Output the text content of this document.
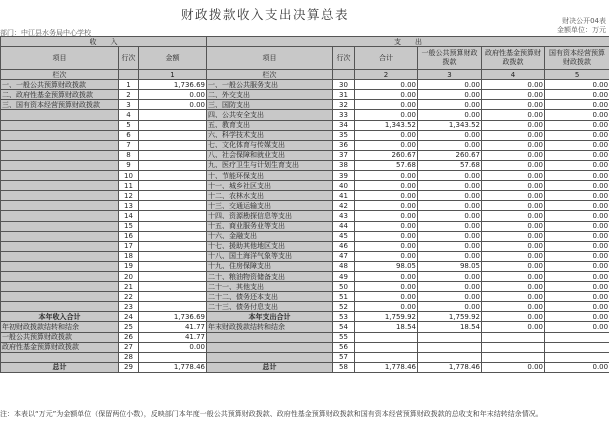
财政拨款收入支出决算总表	财决公开04表
金额单位：万元
部门：中江县水务局中心学校
收　　入			支　　出					
项目	行次	金额	项目	行次	合计	一般公共预算财政拨款	政府性基金预算财政拨款	国有资本经营预算财政拨款
栏次		1	栏次		2	3	4	5
一、一般公共预算财政拨款	1	1,736.69	一、一般公共服务支出	30	0.00	0.00	0.00	0.00
二、政府性基金预算财政拨款	2	0.00	二、外交支出	31	0.00	0.00	0.00	0.00
三、国有资本经营预算财政拨款	3	0.00	三、国防支出	32	0.00	0.00	0.00	0.00
	4		四、公共安全支出	33	0.00	0.00	0.00	0.00
	5		五、教育支出	34	1,343.52	1,343.52	0.00	0.00
	6		六、科学技术支出	35	0.00	0.00	0.00	0.00
	7		七、文化体育与传媒支出	36	0.00	0.00	0.00	0.00
	8		八、社会保障和就业支出	37	260.67	260.67	0.00	0.00
	9		九、医疗卫生与计划生育支出	38	57.68	57.68	0.00	0.00
	10		十、节能环保支出	39	0.00	0.00	0.00	0.00
	11		十一、城乡社区支出	40	0.00	0.00	0.00	0.00
	12		十二、农林水支出	41	0.00	0.00	0.00	0.00
	13		十三、交通运输支出	42	0.00	0.00	0.00	0.00
	14		十四、资源勘探信息等支出	43	0.00	0.00	0.00	0.00
	15		十五、商业服务业等支出	44	0.00	0.00	0.00	0.00
	16		十六、金融支出	45	0.00	0.00	0.00	0.00
	17		十七、援助其他地区支出	46	0.00	0.00	0.00	0.00
	18		十八、国土海洋气象等支出	47	0.00	0.00	0.00	0.00
	19		十九、住房保障支出	48	98.05	98.05	0.00	0.00
	20		二十、粮油物资储备支出	49	0.00	0.00	0.00	0.00
	21		二十一、其他支出	50	0.00	0.00	0.00	0.00
	22		二十二、债务还本支出	51	0.00	0.00	0.00	0.00
	23		二十三、债务付息支出	52	0.00	0.00	0.00	0.00
本年收入合计	24	1,736.69	本年支出合计	53	1,759.92	1,759.92	0.00	0.00
年初财政拨款结转和结余	25	41.77	年末财政拨款结转和结余	54	18.54	18.54	0.00	0.00
一般公共预算财政拨款	26	41.77		55				
政府性基金预算财政拨款	27	0.00		56				
	28			57				
总计	29	1,778.46	总计	58	1,778.46	1,778.46	0.00	0.00
注：本表以“万元”为金额单位（保留两位小数），反映部门本年度一般公共预算财政拨款、政府性基金预算财政拨款和国有资本经营预算财政拨款的总收支和年末结转结余情况。
